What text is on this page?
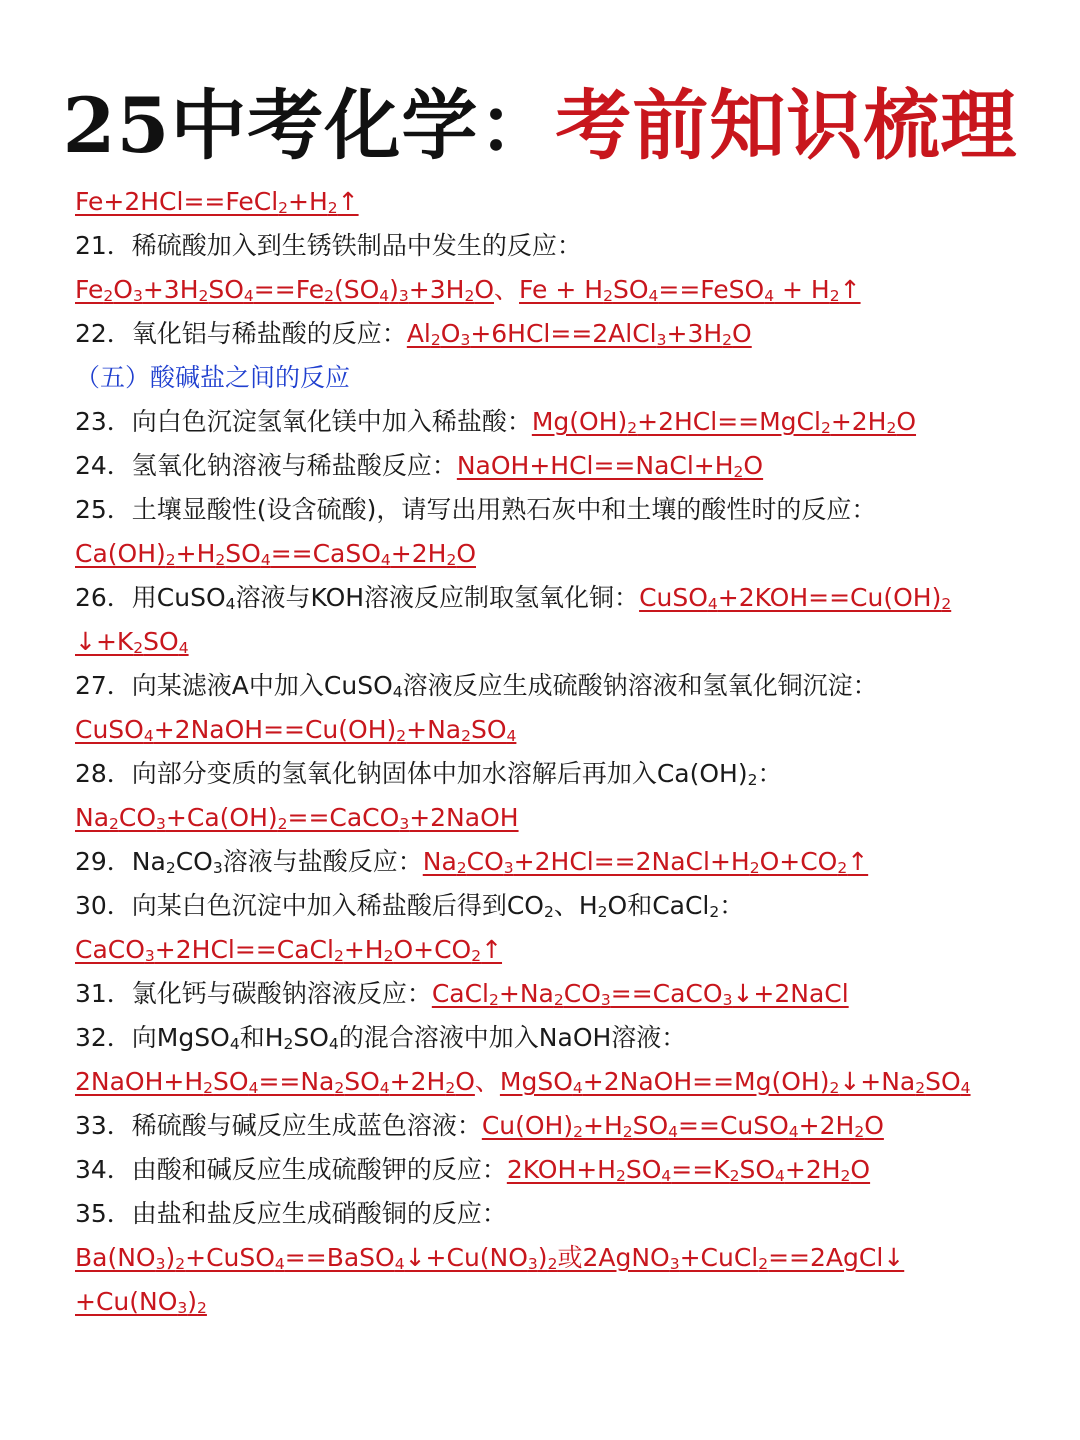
25中考化学：考前知识梳理
$Fe+2HCl==FeCl_2+H_2↑$
21．稀硫酸加入到生锈铁制品中发生的反应：
$Fe_2O_3+3H_2SO_4==Fe_2(SO_4)_3+3H_2O$、$Fe + H_2SO_4==FeSO_4$ + $H_2↑$
22．氧化铝与稀盐酸的反应：$Al_2O_3+6HCl==2AlCl_3+3H_2O$
（五）酸碱盐之间的反应
23．向白色沉淀氢氧化镁中加入稀盐酸：$Mg(OH)_2+2HCl==MgCl_2+2H_2O$
24．氢氧化钠溶液与稀盐酸反应：$NaOH+HCl==NaCl+H_2O$
25．土壤显酸性(设含硫酸)，请写出用熟石灰中和土壤的酸性时的反应：
$Ca(OH)_2+H_2SO_4==CaSO_4+2H_2O$
26．用CuSO$_4$溶液与KOH溶液反应制取氢氧化铜：$CuSO_4+2KOH==Cu(OH)_2$
$↓+K_2SO_4$
27．向某滤液A中加入CuSO$_4$溶液反应生成硫酸钠溶液和氢氧化铜沉淀：
$CuSO_4+2NaOH==Cu(OH)_2+Na_2SO_4$
28．向部分变质的氢氧化钠固体中加水溶解后再加入$Ca(OH)_2$：
$Na_2CO_3+Ca(OH)_2==CaCO_3+2NaOH$
29．$Na_2CO_3$溶液与盐酸反应：$Na_2CO_3+2HCl==2NaCl+H_2O+CO_2↑$
30．向某白色沉淀中加入稀盐酸后得到$CO_2$、$H_2O$和CaCl$_2$：
$CaCO_3+2HCl==CaCl_2+H_2O+CO_2↑$
31．氯化钙与碳酸钠溶液反应：$CaCl_2+Na_2CO_3==CaCO_3↓+2NaCl$
32．向MgSO$_4$和$H_2SO_4$的混合溶液中加入NaOH溶液：
$2NaOH+H_2SO_4==Na_2SO_4+2H_2O$、$MgSO_4+2NaOH==Mg(OH)_2↓+Na_2SO_4$
33．稀硫酸与碱反应生成蓝色溶液：$Cu(OH)_2+H_2SO_4==CuSO_4+2H_2O$
34．由酸和碱反应生成硫酸钾的反应：$2KOH+H_2SO_4==K_2SO_4+2H_2O$
35．由盐和盐反应生成硝酸铜的反应：
$Ba(NO_3)_2+CuSO_4==BaSO_4↓+Cu(NO_3)_2$或2AgNO$_3$+CuCl$_2$==2AgCl↓
$+Cu(NO_3)_2$
